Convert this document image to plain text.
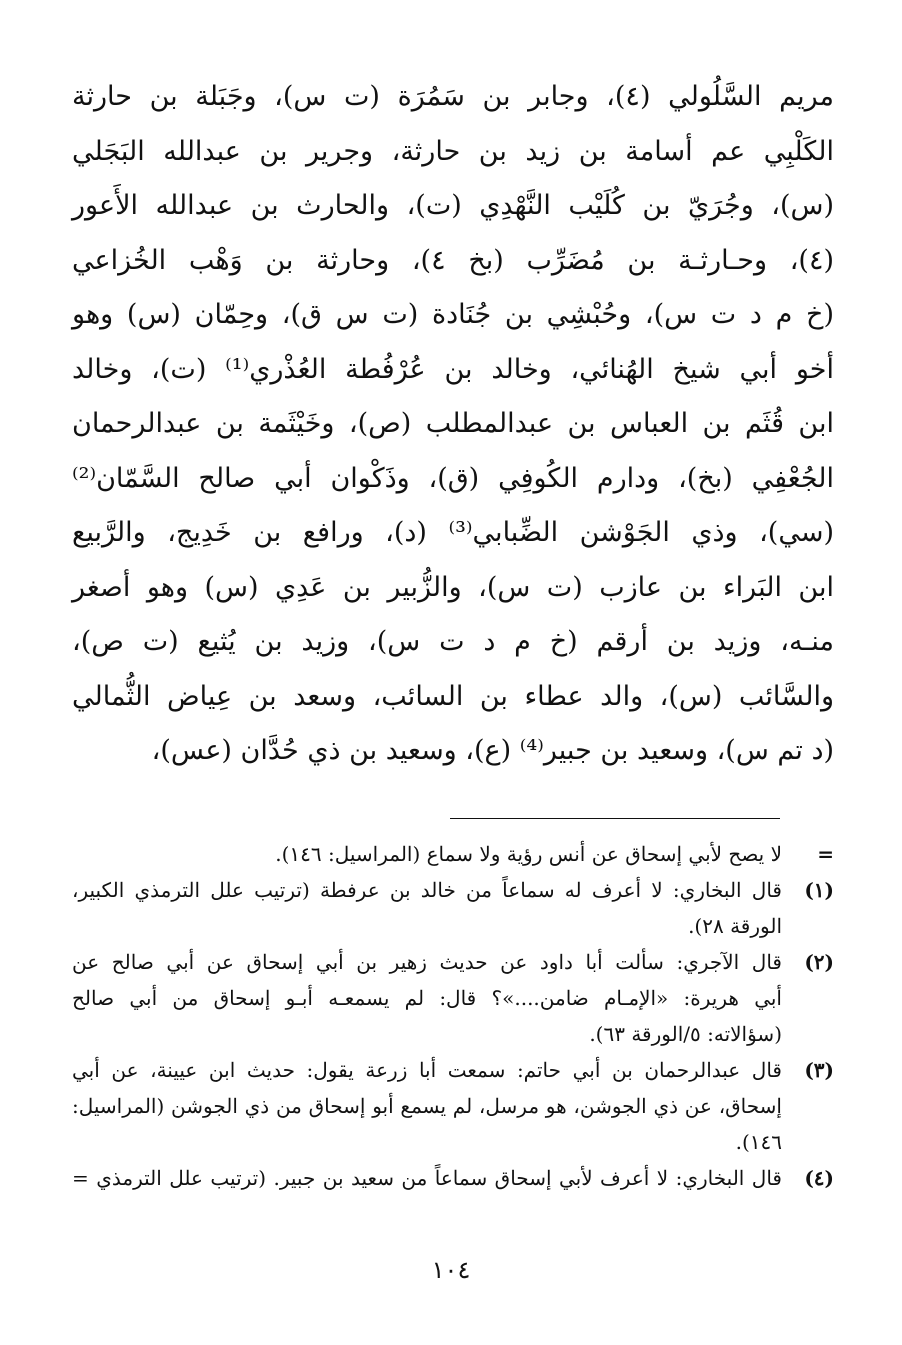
مريم السَّلُولي (٤)، وجابر بن سَمُرَة (ت س)، وجَبَلة بن حارثة
الكَلْبِي عم أسامة بن زيد بن حارثة، وجرير بن عبدالله البَجَلي
(س)، وجُرَيّ بن كُلَيْب النَّهْدِي (ت)، والحارث بن عبدالله الأَعور
(٤)، وحـارثـة بن مُضَرِّب (بخ ٤)، وحارثة بن وَهْب الخُزاعي
(خ م د ت س)، وحُبْشِي بن جُنَادة (ت س ق)، وحِمّان (س) وهو
أخو أبي شيخ الهُنائي، وخالد بن عُرْفُطة العُذْري⁽¹⁾ (ت)، وخالد
ابن قُثَم بن العباس بن عبدالمطلب (ص)، وخَيْثَمة بن عبدالرحمان
الجُعْفِي (بخ)، ودارم الكُوفِي (ق)، وذَكْوان أبي صالح السَّمّان⁽²⁾
(سي)، وذي الجَوْشن الضِّبابي⁽³⁾ (د)، ورافع بن خَدِيج، والرَّبيع
ابن البَراء بن عازب (ت س)، والزُّبير بن عَدِي (س) وهو أصغر
منـه، وزيد بن أرقم (خ م د ت س)، وزيد بن يُثيع (ت ص)،
والسَّائب (س)، والد عطاء بن السائب، وسعد بن عِياض الثُّمالي
(د تم س)، وسعيد بن جبير⁽⁴⁾ (ع)، وسعيد بن ذي حُدَّان (عس)،
=
لا يصح لأبي إسحاق عن أنس رؤية ولا سماع (المراسيل: ١٤٦).
(١)
قال البخاري: لا أعرف له سماعاً من خالد بن عرفطة (ترتيب علل الترمذي الكبير،
الورقة ٢٨).
(٢)
قال الآجري: سألت أبا داود عن حديث زهير بن أبي إسحاق عن أبي صالح عن
أبي هريرة: «الإمـام ضامن....»؟ قال: لم يسمعـه أبـو إسحاق من أبي صالح
(سؤالاته: ٥/الورقة ٦٣).
(٣)
قال عبدالرحمان بن أبي حاتم: سمعت أبا زرعة يقول: حديث ابن عيينة، عن أبي
إسحاق، عن ذي الجوشن، هو مرسل، لم يسمع أبو إسحاق من ذي الجوشن (المراسيل:
١٤٦).
(٤)
قال البخاري: لا أعرف لأبي إسحاق سماعاً من سعيد بن جبير. (ترتيب علل الترمذي =
١٠٤
